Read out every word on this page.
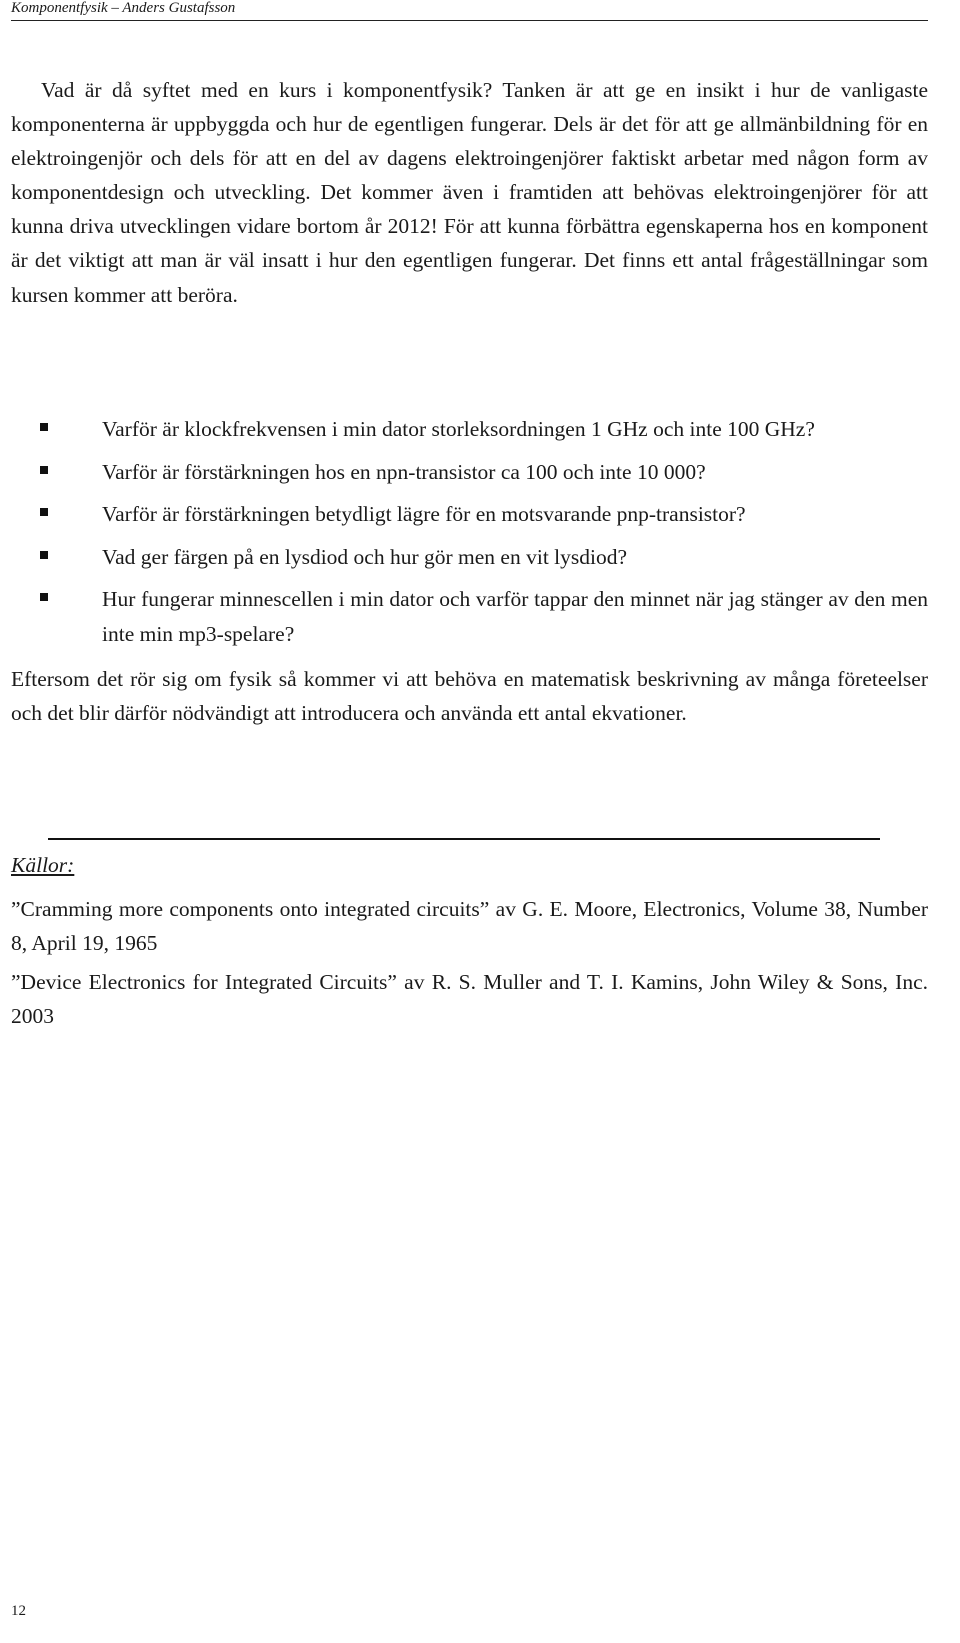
Komponentfysik – Anders Gustafsson

Vad är då syftet med en kurs i komponentfysik? Tanken är att ge en insikt i hur de vanligaste komponenterna är uppbyggda och hur de egentligen fungerar. Dels är det för att ge allmänbildning för en elektroingenjör och dels för att en del av dagens elektroingenjörer faktiskt arbetar med någon form av komponentdesign och utveckling. Det kommer även i framtiden att behövas elektroingenjörer för att kunna driva utvecklingen vidare bortom år 2012! För att kunna förbättra egenskaperna hos en komponent är det viktigt att man är väl insatt i hur den egentligen fungerar. Det finns ett antal frågeställningar som kursen kommer att beröra.

Varför är klockfrekvensen i min dator storleksordningen 1 GHz och inte 100 GHz?
Varför är förstärkningen hos en npn-transistor ca 100 och inte 10 000?
Varför är förstärkningen betydligt lägre för en motsvarande pnp-transistor?
Vad ger färgen på en lysdiod och hur gör men en vit lysdiod?
Hur fungerar minnescellen i min dator och varför tappar den minnet när jag stänger av den men inte min mp3-spelare?

Eftersom det rör sig om fysik så kommer vi att behöva en matematisk beskrivning av många företeelser och det blir därför nödvändigt att introducera och använda ett antal ekvationer.

Källor:

”Cramming more components onto integrated circuits” av G. E. Moore, Electronics, Volume 38, Number 8, April 19, 1965

”Device Electronics for Integrated Circuits” av R. S. Muller and T. I. Kamins, John Wiley & Sons, Inc. 2003

12
